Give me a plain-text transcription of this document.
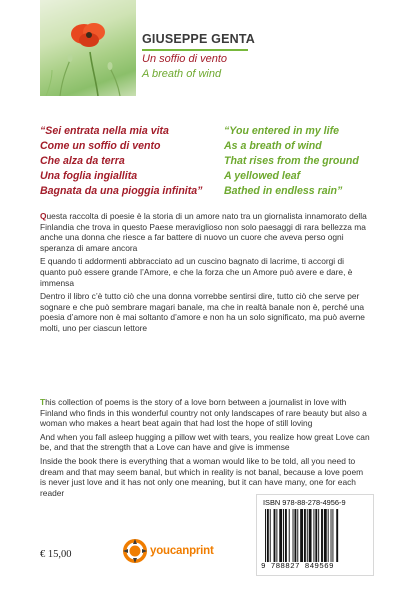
GIUSEPPE GENTA
Un soffio di vento
A breath of wind
“Sei entrata nella mia vita
Come un soffio di vento
Che alza da terra
Una foglia ingiallita
Bagnata da una pioggia infinita”
“You entered in my life
As a breath of wind
That rises from the ground
A yellowed leaf
Bathed in endless rain”

Questa raccolta di poesie è la storia di un amore nato tra un giornalista innamorato della Finlandia che trova in questo Paese meraviglioso non solo paesaggi di rara bellezza ma anche una donna che riesce a far battere di nuovo un cuore che aveva perso ogni speranza di amare ancora

E quando ti addormenti abbracciato ad un cuscino bagnato di lacrime, ti accorgi di quanto può essere grande l’Amore, e che la forza che un Amore può avere e dare, è immensa

Dentro il libro c’è tutto ciò che una donna vorrebbe sentirsi dire, tutto ciò che serve per sognare e che può sembrare magari banale, ma che in realtà banale non è, perché una poesia d’amore non è mai soltanto d’amore e non ha un solo significato, ma può averne molti, uno per ciascun lettore

This collection of poems is the story of a love born between a journalist in love with Finland who finds in this wonderful country not only landscapes of rare beauty but also a woman who makes a heart beat again that had lost the hope of still loving

And when you fall asleep hugging a pillow wet with tears, you realize how great Love can be, and that the strength that a Love can have and give is immense

Inside the book there is everything that a woman would like to be told, all you need to dream and that may seem banal, but which in reality is not banal, because a love poem is never just love and it has not only one meaning, but it can have many, one for each reader

€ 15,00	youcanprint
ISBN 978-88-278-4956-9
9 788827 849569
